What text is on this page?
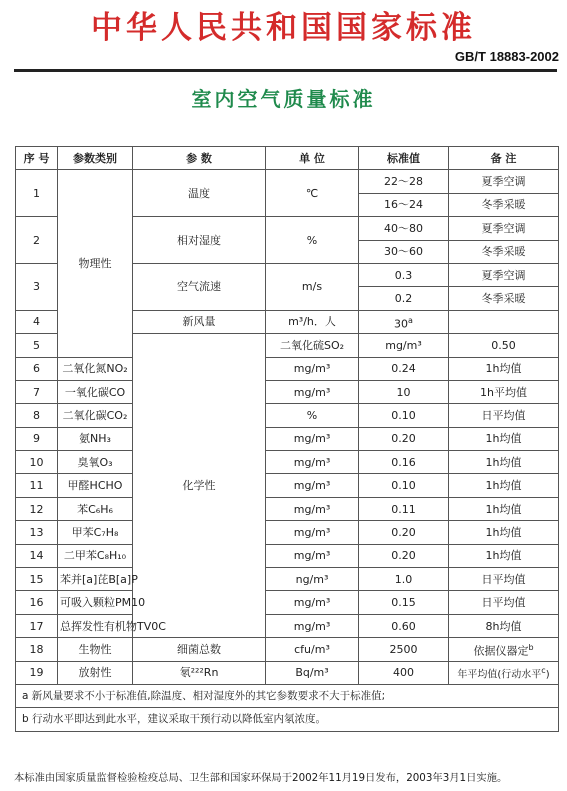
中华人民共和国国家标准
GB/T 18883-2002
室内空气质量标准
序 号	参数类别	参 数	单 位	标准值	备 注	
1	物理性	温度	℃	22～28	夏季空调	
				16～24	冬季采暖	
2		相对湿度	%	40～80	夏季空调	
				30～60	冬季采暖	
3		空气流速	m/s	0.3	夏季空调	
				0.2	冬季采暖	
4		新风量	m³/h．人	30$^a$	
5		化学性	二氧化硫SO₂	mg/m³	0.50	
6	二氧化氮NO₂		mg/m³	0.24	1h均值	
7	一氧化碳CO		mg/m³	10	1h平均值	
8	二氧化碳CO₂		%	0.10	日平均值	
9	氨NH₃		mg/m³	0.20	1h均值	
10	臭氧O₃		mg/m³	0.16	1h均值	
11	甲醛HCHO		mg/m³	0.10	1h均值	
12	苯C₆H₆		mg/m³	0.11	1h均值	
13	甲苯C₇H₈		mg/m³	0.20	1h均值	
14	二甲苯C₈H₁₀		mg/m³	0.20	1h均值	
15	苯并[a]芘B[a]P		ng/m³	1.0	日平均值	
16	可吸入颗粒PM10		mg/m³	0.15	日平均值	
17	总挥发性有机物TV0C		mg/m³	0.60	8h均值	
18	生物性	细菌总数	cfu/m³	2500	依据仪器定$^b$
19	放射性	氡²²²Rn	Bq/m³	400	年平均值(行动水平$^c$)	
a 新风量要求不小于标准值,除温度、相对湿度外的其它参数要求不大于标准值;						
b 行动水平即达到此水平，建议采取干预行动以降低室内氡浓度。						
本标准由国家质量监督检验检疫总局、卫生部和国家环保局于2002年11月19日发布，2003年3月1日实施。
